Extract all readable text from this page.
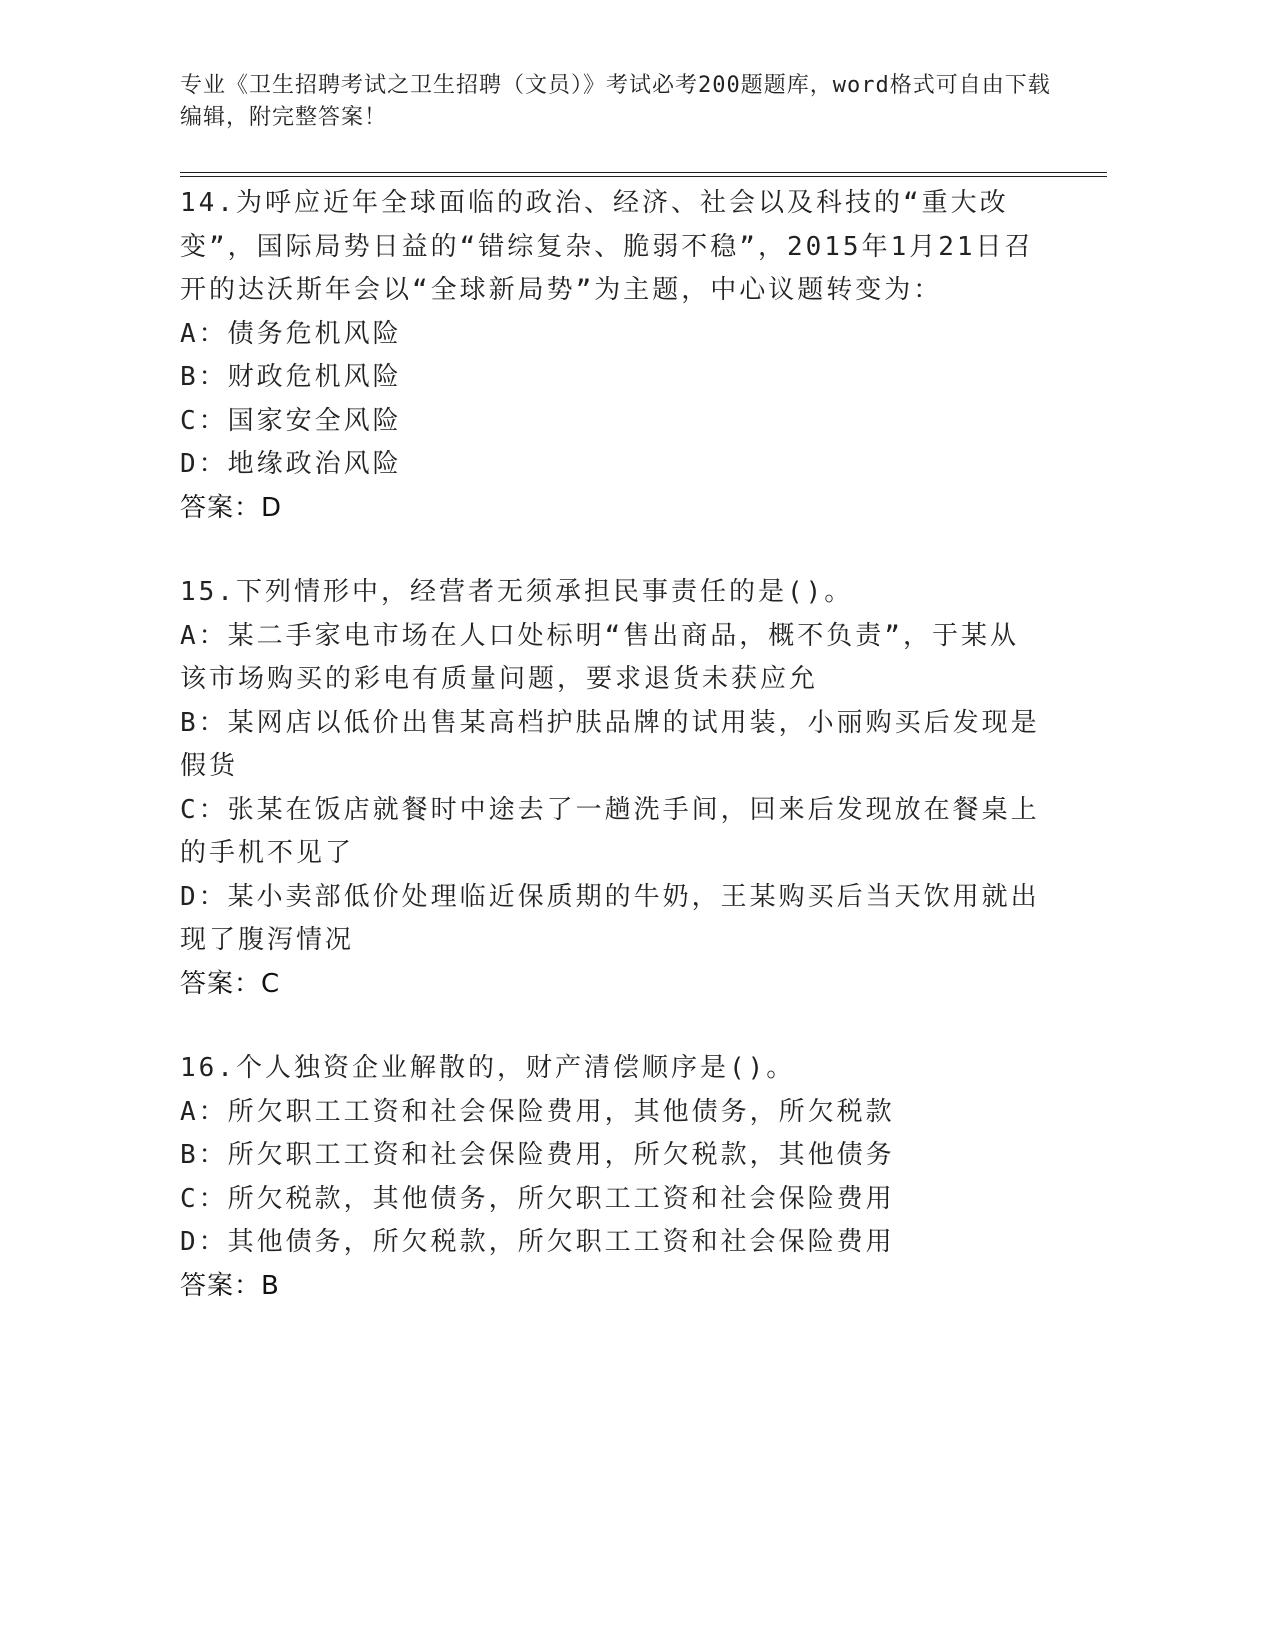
专业《卫生招聘考试之卫生招聘（文员）》考试必考200题题库，word格式可自由下载编辑，附完整答案！
14.为呼应近年全球面临的政治、经济、社会以及科技的“重大改变”，国际局势日益的“错综复杂、脆弱不稳”，2015年1月21日召开的达沃斯年会以“全球新局势”为主题，中心议题转变为：
A：债务危机风险
B：财政危机风险
C：国家安全风险
D：地缘政治风险
答案：D
15.下列情形中，经营者无须承担民事责任的是()。
A：某二手家电市场在人口处标明“售出商品，概不负责”，于某从该市场购买的彩电有质量问题，要求退货未获应允
B：某网店以低价出售某高档护肤品牌的试用装，小丽购买后发现是假货
C：张某在饭店就餐时中途去了一趟洗手间，回来后发现放在餐桌上的手机不见了
D：某小卖部低价处理临近保质期的牛奶，王某购买后当天饮用就出现了腹泻情况
答案：C
16.个人独资企业解散的，财产清偿顺序是()。
A：所欠职工工资和社会保险费用，其他债务，所欠税款
B：所欠职工工资和社会保险费用，所欠税款，其他债务
C：所欠税款，其他债务，所欠职工工资和社会保险费用
D：其他债务，所欠税款，所欠职工工资和社会保险费用
答案：B
